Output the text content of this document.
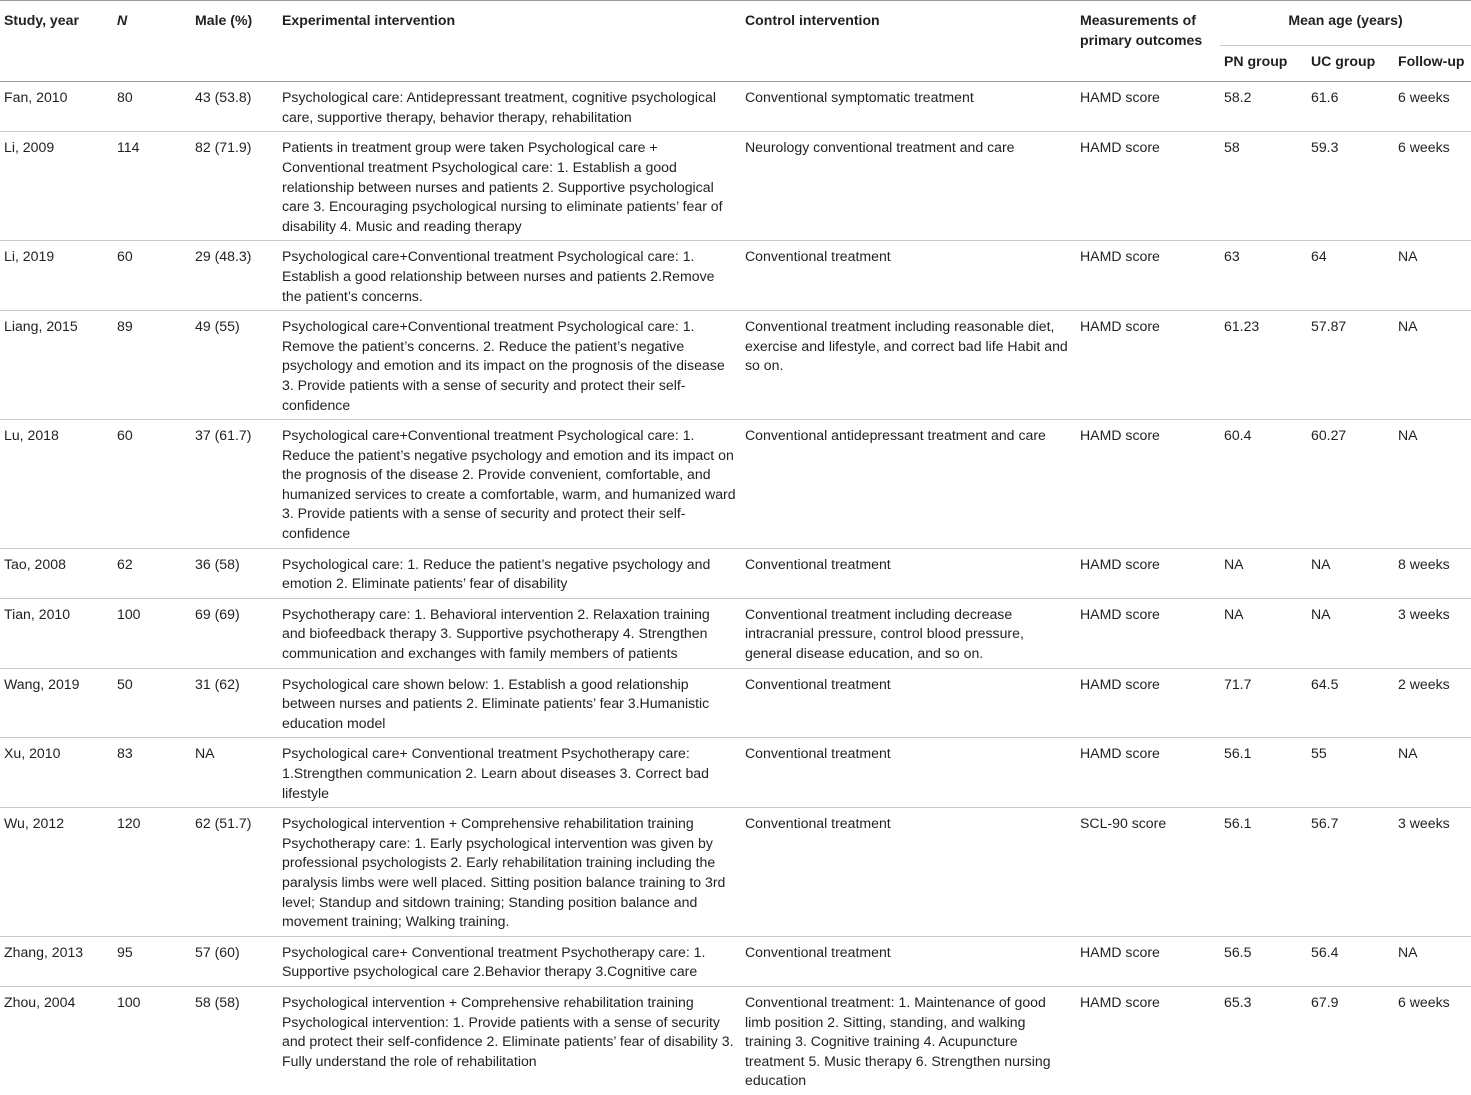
Study, year	N	Male (%)	Experimental intervention	Control intervention	Measurements of primary outcomes	Mean age (years)		
						PN group	UC group	Follow-up
Fan, 2010	80	43 (53.8)	Psychological care: Antidepressant treatment, cognitive psychological care, supportive therapy, behavior therapy, rehabilitation	Conventional symptomatic treatment	HAMD score	58.2	61.6	6 weeks
Li, 2009	114	82 (71.9)	Patients in treatment group were taken Psychological care + Conventional treatment Psychological care: 1. Establish a good relationship between nurses and patients 2. Supportive psychological care 3. Encouraging psychological nursing to eliminate patients’ fear of disability 4. Music and reading therapy	Neurology conventional treatment and care	HAMD score	58	59.3	6 weeks
Li, 2019	60	29 (48.3)	Psychological care+Conventional treatment Psychological care: 1. Establish a good relationship between nurses and patients 2.Remove the patient’s concerns.	Conventional treatment	HAMD score	63	64	NA
Liang, 2015	89	49 (55)	Psychological care+Conventional treatment Psychological care: 1. Remove the patient’s concerns. 2. Reduce the patient’s negative psychology and emotion and its impact on the prognosis of the disease 3. Provide patients with a sense of security and protect their self-confidence	Conventional treatment including reasonable diet, exercise and lifestyle, and correct bad life Habit and so on.	HAMD score	61.23	57.87	NA
Lu, 2018	60	37 (61.7)	Psychological care+Conventional treatment Psychological care: 1. Reduce the patient’s negative psychology and emotion and its impact on the prognosis of the disease 2. Provide convenient, comfortable, and humanized services to create a comfortable, warm, and humanized ward 3. Provide patients with a sense of security and protect their self-confidence	Conventional antidepressant treatment and care	HAMD score	60.4	60.27	NA
Tao, 2008	62	36 (58)	Psychological care: 1. Reduce the patient’s negative psychology and emotion 2. Eliminate patients’ fear of disability	Conventional treatment	HAMD score	NA	NA	8 weeks
Tian, 2010	100	69 (69)	Psychotherapy care: 1. Behavioral intervention 2. Relaxation training and biofeedback therapy 3. Supportive psychotherapy 4. Strengthen communication and exchanges with family members of patients	Conventional treatment including decrease intracranial pressure, control blood pressure, general disease education, and so on.	HAMD score	NA	NA	3 weeks
Wang, 2019	50	31 (62)	Psychological care shown below: 1. Establish a good relationship between nurses and patients 2. Eliminate patients’ fear 3.Humanistic education model	Conventional treatment	HAMD score	71.7	64.5	2 weeks
Xu, 2010	83	NA	Psychological care+ Conventional treatment Psychotherapy care: 1.Strengthen communication 2. Learn about diseases 3. Correct bad lifestyle	Conventional treatment	HAMD score	56.1	55	NA
Wu, 2012	120	62 (51.7)	Psychological intervention + Comprehensive rehabilitation training Psychotherapy care: 1. Early psychological intervention was given by professional psychologists 2. Early rehabilitation training including the paralysis limbs were well placed. Sitting position balance training to 3rd level; Standup and sitdown training; Standing position balance and movement training; Walking training.	Conventional treatment	SCL-90 score	56.1	56.7	3 weeks
Zhang, 2013	95	57 (60)	Psychological care+ Conventional treatment Psychotherapy care: 1. Supportive psychological care 2.Behavior therapy 3.Cognitive care	Conventional treatment	HAMD score	56.5	56.4	NA
Zhou, 2004	100	58 (58)	Psychological intervention + Comprehensive rehabilitation training Psychological intervention: 1. Provide patients with a sense of security and protect their self-confidence 2. Eliminate patients’ fear of disability 3. Fully understand the role of rehabilitation	Conventional treatment: 1. Maintenance of good limb position 2. Sitting, standing, and walking training 3. Cognitive training 4. Acupuncture treatment 5. Music therapy 6. Strengthen nursing education	HAMD score	65.3	67.9	6 weeks
